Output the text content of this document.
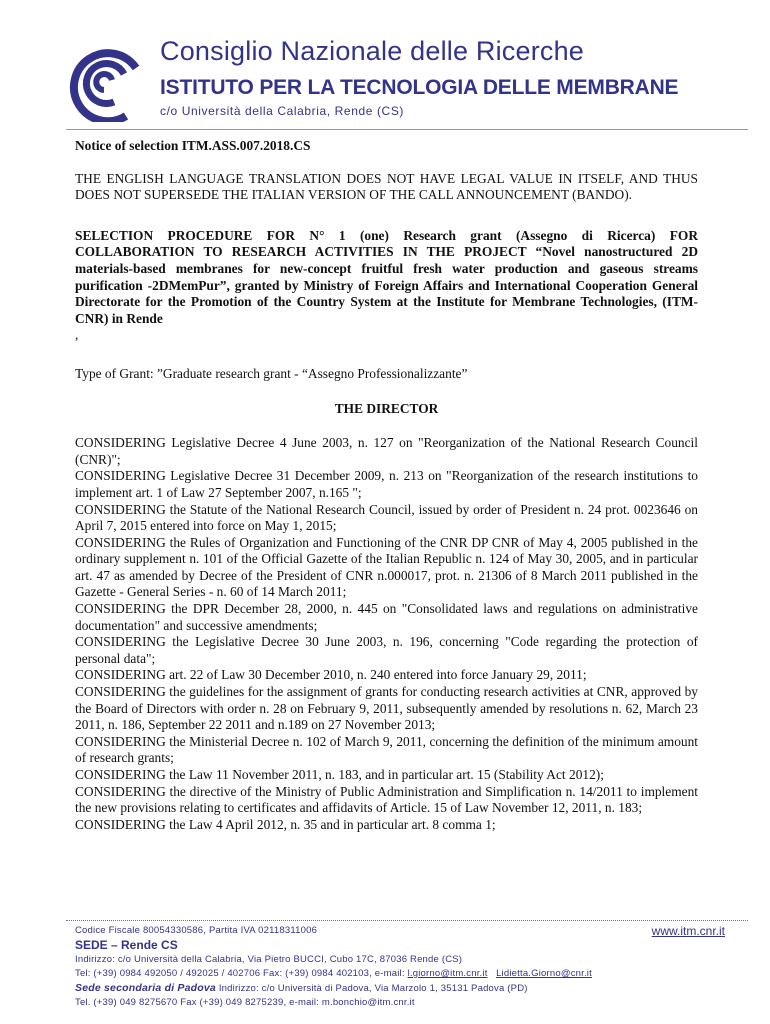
Consiglio Nazionale delle Ricerche
ISTITUTO PER LA TECNOLOGIA DELLE MEMBRANE
c/o Università della Calabria, Rende (CS)

Notice of selection ITM.ASS.007.2018.CS

THE ENGLISH LANGUAGE TRANSLATION DOES NOT HAVE LEGAL VALUE IN ITSELF, AND THUS DOES NOT SUPERSEDE THE ITALIAN VERSION OF THE CALL ANNOUNCEMENT (BANDO).

SELECTION PROCEDURE FOR N° 1 (one) Research grant (Assegno di Ricerca) FOR COLLABORATION TO RESEARCH ACTIVITIES IN THE PROJECT “Novel nanostructured 2D materials-based membranes for new-concept fruitful fresh water production and gaseous streams purification -2DMemPur”, granted by Ministry of Foreign Affairs and International Cooperation General Directorate for the Promotion of the Country System at the Institute for Membrane Technologies, (ITM-CNR) in Rende

,

Type of Grant: ”Graduate research grant - “Assegno Professionalizzante”

THE DIRECTOR

CONSIDERING Legislative Decree 4 June 2003, n. 127 on "Reorganization of the National Research Council (CNR)";

CONSIDERING Legislative Decree 31 December 2009, n. 213 on "Reorganization of the research institutions to implement art. 1 of Law 27 September 2007, n.165 ";

CONSIDERING the Statute of the National Research Council, issued by order of President n. 24 prot. 0023646 on April 7, 2015 entered into force on May 1, 2015;

CONSIDERING the Rules of Organization and Functioning of the CNR DP CNR of May 4, 2005 published in the ordinary supplement n. 101 of the Official Gazette of the Italian Republic n. 124 of May 30, 2005, and in particular art. 47 as amended by Decree of the President of CNR n.000017, prot. n. 21306 of 8 March 2011 published in the Gazette - General Series - n. 60 of 14 March 2011;

CONSIDERING the DPR December 28, 2000, n. 445 on "Consolidated laws and regulations on administrative documentation" and successive amendments;

CONSIDERING the Legislative Decree 30 June 2003, n. 196, concerning "Code regarding the protection of personal data";

CONSIDERING art. 22 of Law 30 December 2010, n. 240 entered into force January 29, 2011;

CONSIDERING the guidelines for the assignment of grants for conducting research activities at CNR, approved by the Board of Directors with order n. 28 on February 9, 2011, subsequently amended by resolutions n. 62, March 23 2011, n. 186, September 22 2011 and n.189 on 27 November 2013;

CONSIDERING the Ministerial Decree n. 102 of March 9, 2011, concerning the definition of the minimum amount of research grants;

CONSIDERING the Law 11 November 2011, n. 183, and in particular art. 15 (Stability Act 2012);

CONSIDERING the directive of the Ministry of Public Administration and Simplification n. 14/2011 to implement the new provisions relating to certificates and affidavits of Article. 15 of Law November 12, 2011, n. 183;

CONSIDERING the Law 4 April 2012, n. 35 and in particular art. 8 comma 1;

Codice Fiscale 80054330586, Partita IVA 02118311006	www.itm.cnr.it
SEDE – Rende CS
Indirizzo: c/o Università della Calabria, Via Pietro BUCCI, Cubo 17C, 87036 Rende (CS)
Tel: (+39) 0984 492050 / 492025 / 402706 Fax: (+39) 0984 402103, e-mail: l.giorno@itm.cnr.it Lidietta.Giorno@cnr.it
Sede secondaria di Padova Indirizzo: c/o Università di Padova, Via Marzolo 1, 35131 Padova (PD)
Tel. (+39) 049 8275670 Fax (+39) 049 8275239, e-mail: m.bonchio@itm.cnr.it
